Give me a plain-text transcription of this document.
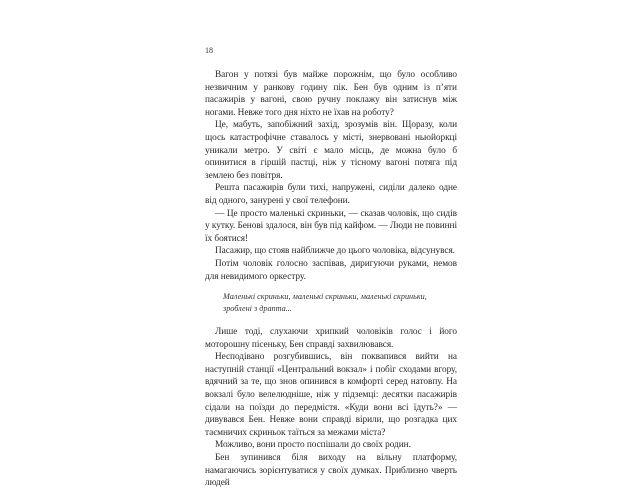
18

Вагон у потязі був майже порожнім, що було особливо незвичним у ранкову годину пік. Бен був одним із п’яти пасажирів у вагоні, свою ручну поклажу він затиснув між ногами. Невже того дня ніхто не їхав на роботу?

Це, мабуть, запобіжний захід, зрозумів він. Щоразу, коли щось катастрофічне ставалось у місті, знервовані ньюйоркці уникали метро. У світі є мало місць, де можна було б опинитися в гіршій пастці, ніж у тісному вагоні потяга під землею без повітря.

Решта пасажирів були тихі, напружені, сиділи далеко одне від одного, занурені у свої телефони.

— Це просто маленькі скриньки, — сказав чоловік, що сидів у кутку. Бенові здалося, він був під кайфом. — Люди не повинні їх боятися!

Пасажир, що стояв найближче до цього чоловіка, відсунувся.

Потім чоловік голосно заспівав, диригуючи руками, немов для невидимого оркестру.

Маленькі скриньки, маленькі скриньки, маленькі скриньки,
зроблені з драпта...

Лише тоді, слухаючи хрипкий чоловіків голос і його моторошну пісеньку, Бен справді захвилювався.

Несподівано розгубившись, він поквапився вийти на наступній станції «Центральний вокзал» і побіг сходами вгору, вдячний за те, що знов опинився в комфорті серед натовпу. На вокзалі було велелюдніше, ніж у підземці: десятки пасажирів сідали на поїзди до передмістя. «Куди вони всі їдуть?» — дивувався Бен. Невже вони справді вірили, що розгадка цих таємничих скриньок таїться за межами міста?

Можливо, вони просто поспішали до своїх родин.

Бен зупинився біля виходу на вільну платформу, намагаючись зорієнтуватися у своїх думках. Приблизно чверть людей
